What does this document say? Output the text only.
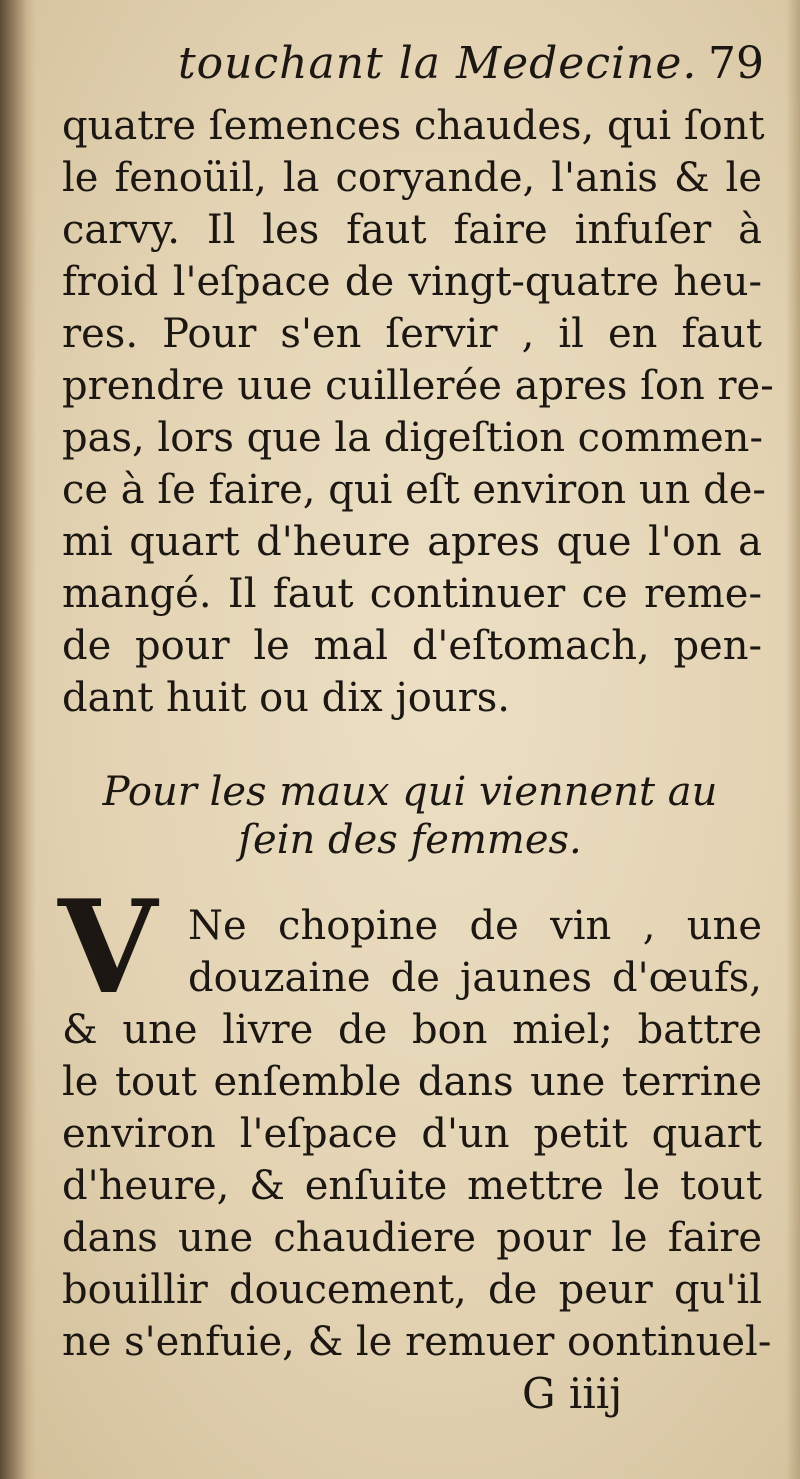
touchant la Medecine. 79
quatre ſemences chaudes, qui ſont
le fenoüil, la coryande, l'anis & le
carvy. Il les faut faire infuſer à
froid l'eſpace de vingt-quatre heu-
res. Pour s'en ſervir , il en faut
prendre uue cuillerée apres ſon re-
pas, lors que la digeſtion commen-
ce à ſe faire, qui eſt environ un de-
mi quart d'heure apres que l'on a
mangé. Il faut continuer ce reme-
de pour le mal d'eſtomach, pen-
dant huit ou dix jours.
Pour les maux qui viennent au
ſein des femmes.
V Ne chopine de vin , une
douzaine de jaunes d'œufs,
& une livre de bon miel; battre
le tout enſemble dans une terrine
environ l'eſpace d'un petit quart
d'heure, & enſuite mettre le tout
dans une chaudiere pour le faire
bouillir doucement, de peur qu'il
ne s'enfuie, & le remuer oontinuel-
G iiij
